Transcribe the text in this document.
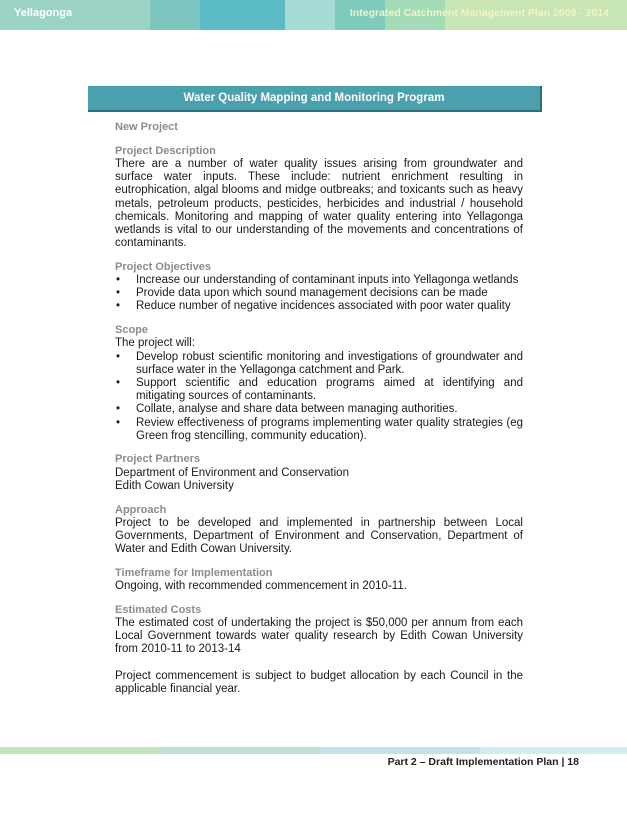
Yellagonga	Integrated Catchment Management Plan 2009 - 2014
Water Quality Mapping and Monitoring Program
New Project
Project Description

There are a number of water quality issues arising from groundwater and surface water inputs. These include: nutrient enrichment resulting in eutrophication, algal blooms and midge outbreaks; and toxicants such as heavy metals, petroleum products, pesticides, herbicides and industrial / household chemicals. Monitoring and mapping of water quality entering into Yellagonga wetlands is vital to our understanding of the movements and concentrations of contaminants.

Project Objectives
• Increase our understanding of contaminant inputs into Yellagonga wetlands
• Provide data upon which sound management decisions can be made
• Reduce number of negative incidences associated with poor water quality
Scope

The project will:

• Develop robust scientific monitoring and investigations of groundwater and surface water in the Yellagonga catchment and Park.
• Support scientific and education programs aimed at identifying and mitigating sources of contaminants.
• Collate, analyse and share data between managing authorities.
• Review effectiveness of programs implementing water quality strategies (eg Green frog stencilling, community education).
Project Partners

Department of Environment and Conservation

Edith Cowan University

Approach

Project to be developed and implemented in partnership between Local Governments, Department of Environment and Conservation, Department of Water and Edith Cowan University.

Timeframe for Implementation

Ongoing, with recommended commencement in 2010-11.

Estimated Costs

The estimated cost of undertaking the project is $50,000 per annum from each Local Government towards water quality research by Edith Cowan University from 2010-11 to 2013-14

Project commencement is subject to budget allocation by each Council in the applicable financial year.

Part 2 – Draft Implementation Plan | 18
